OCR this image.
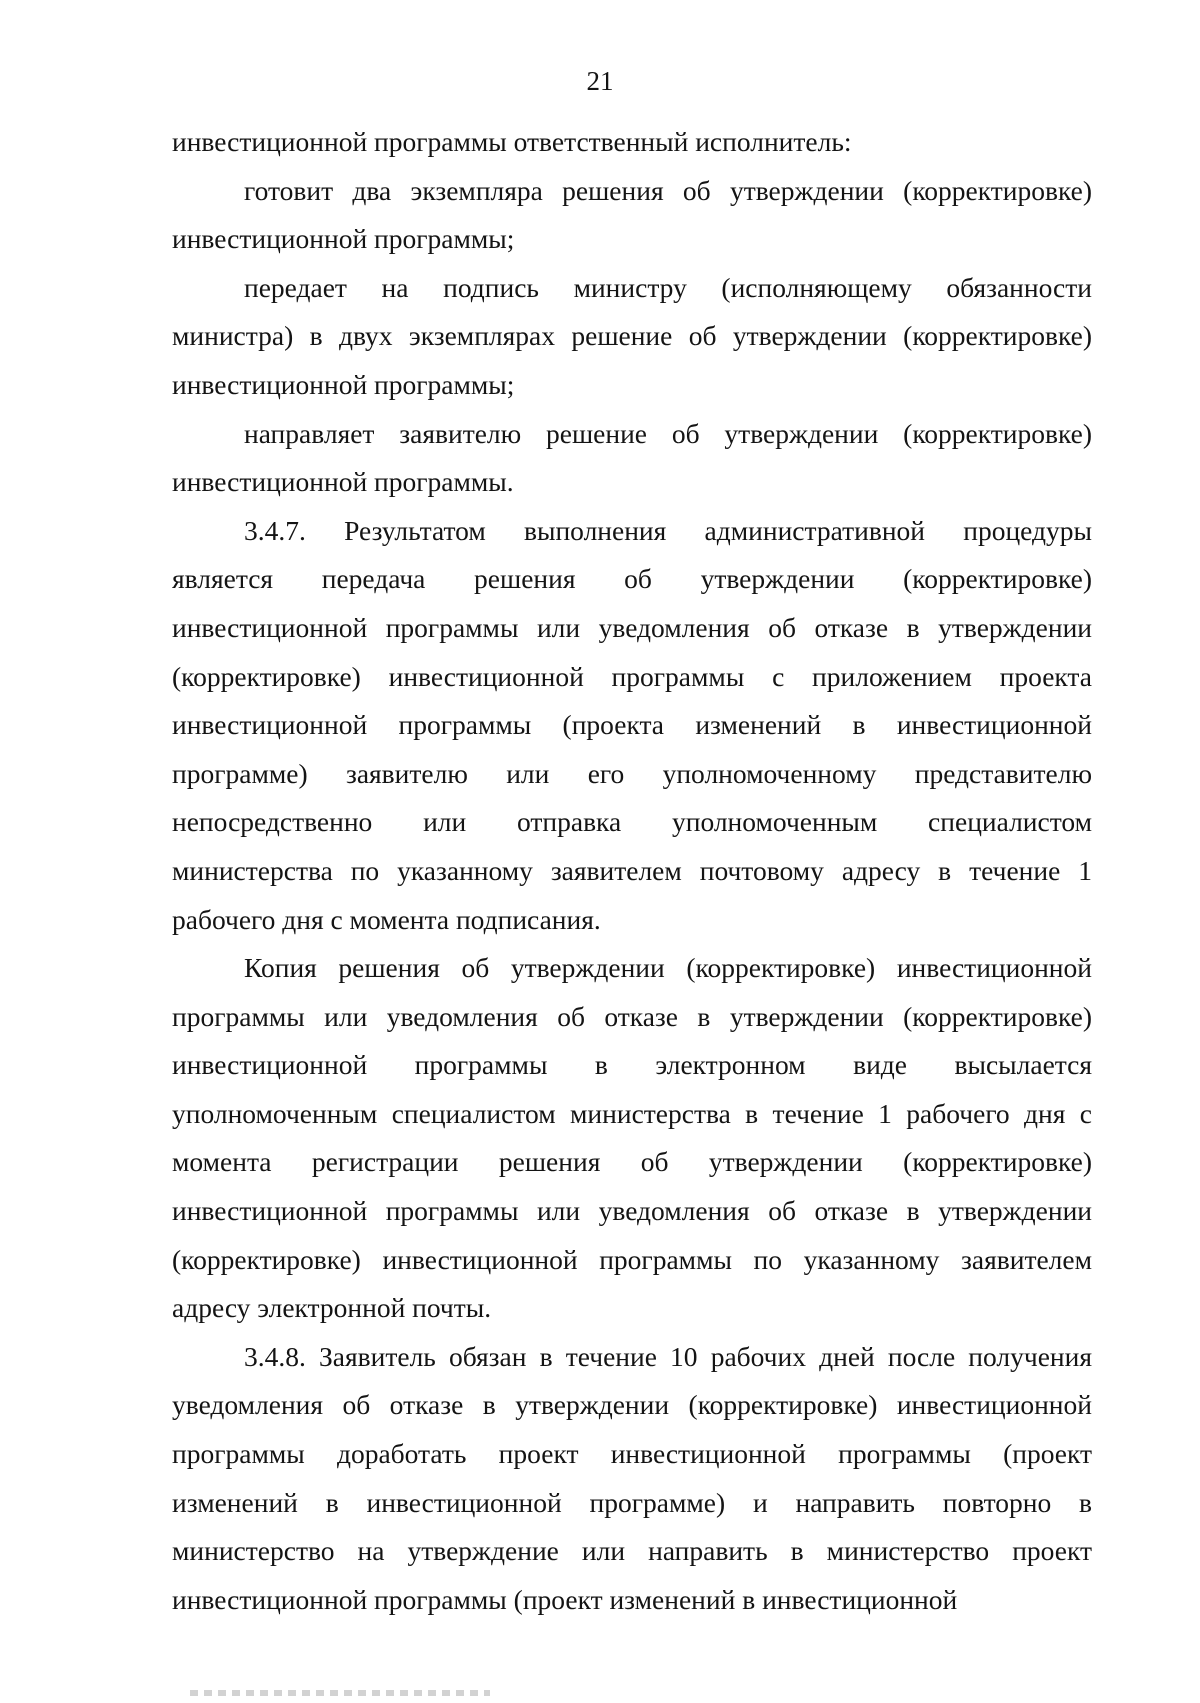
21
инвестиционной программы ответственный исполнитель:
готовит два экземпляра решения об утверждении (корректировке)
инвестиционной программы;
передает на подпись министру (исполняющему обязанности
министра) в двух экземплярах решение об утверждении (корректировке)
инвестиционной программы;
направляет заявителю решение об утверждении (корректировке)
инвестиционной программы.
3.4.7. Результатом выполнения административной процедуры
является передача решения об утверждении (корректировке)
инвестиционной программы или уведомления об отказе в утверждении
(корректировке) инвестиционной программы с приложением проекта
инвестиционной программы (проекта изменений в инвестиционной
программе) заявителю или его уполномоченному представителю
непосредственно или отправка уполномоченным специалистом
министерства по указанному заявителем почтовому адресу в течение 1
рабочего дня с момента подписания.
Копия решения об утверждении (корректировке) инвестиционной
программы или уведомления об отказе в утверждении (корректировке)
инвестиционной программы в электронном виде высылается
уполномоченным специалистом министерства в течение 1 рабочего дня с
момента регистрации решения об утверждении (корректировке)
инвестиционной программы или уведомления об отказе в утверждении
(корректировке) инвестиционной программы по указанному заявителем
адресу электронной почты.
3.4.8. Заявитель обязан в течение 10 рабочих дней после получения
уведомления об отказе в утверждении (корректировке) инвестиционной
программы доработать проект инвестиционной программы (проект
изменений в инвестиционной программе) и направить повторно в
министерство на утверждение или направить в министерство проект
инвестиционной программы (проект изменений в инвестиционной
